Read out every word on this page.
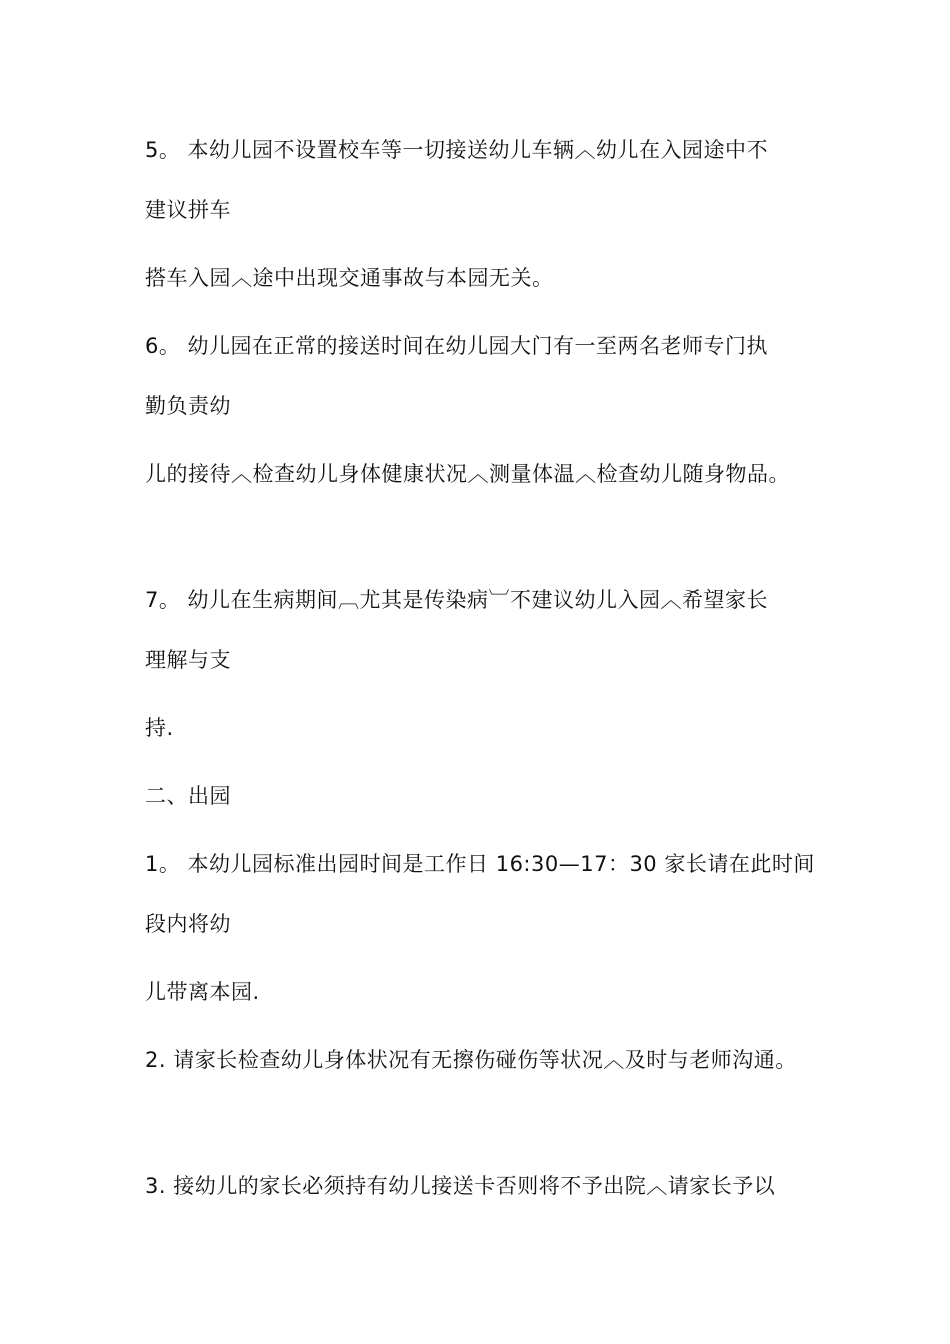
5。 本幼儿园不设置校车等一切接送幼儿车辆︿幼儿在入园途中不
建议拼车
搭车入园︿途中出现交通事故与本园无关。
6。 幼儿园在正常的接送时间在幼儿园大门有一至两名老师专门执
勤负责幼
儿的接待︿检查幼儿身体健康状况︿测量体温︿检查幼儿随身物品。
7。 幼儿在生病期间︹尤其是传染病︺不建议幼儿入园︿希望家长
理解与支
持.
二、出园
1。 本幼儿园标准出园时间是工作日 16:30—17：30 家长请在此时间
段内将幼
儿带离本园.
2. 请家长检查幼儿身体状况有无擦伤碰伤等状况︿及时与老师沟通。
3. 接幼儿的家长必须持有幼儿接送卡否则将不予出院︿请家长予以
